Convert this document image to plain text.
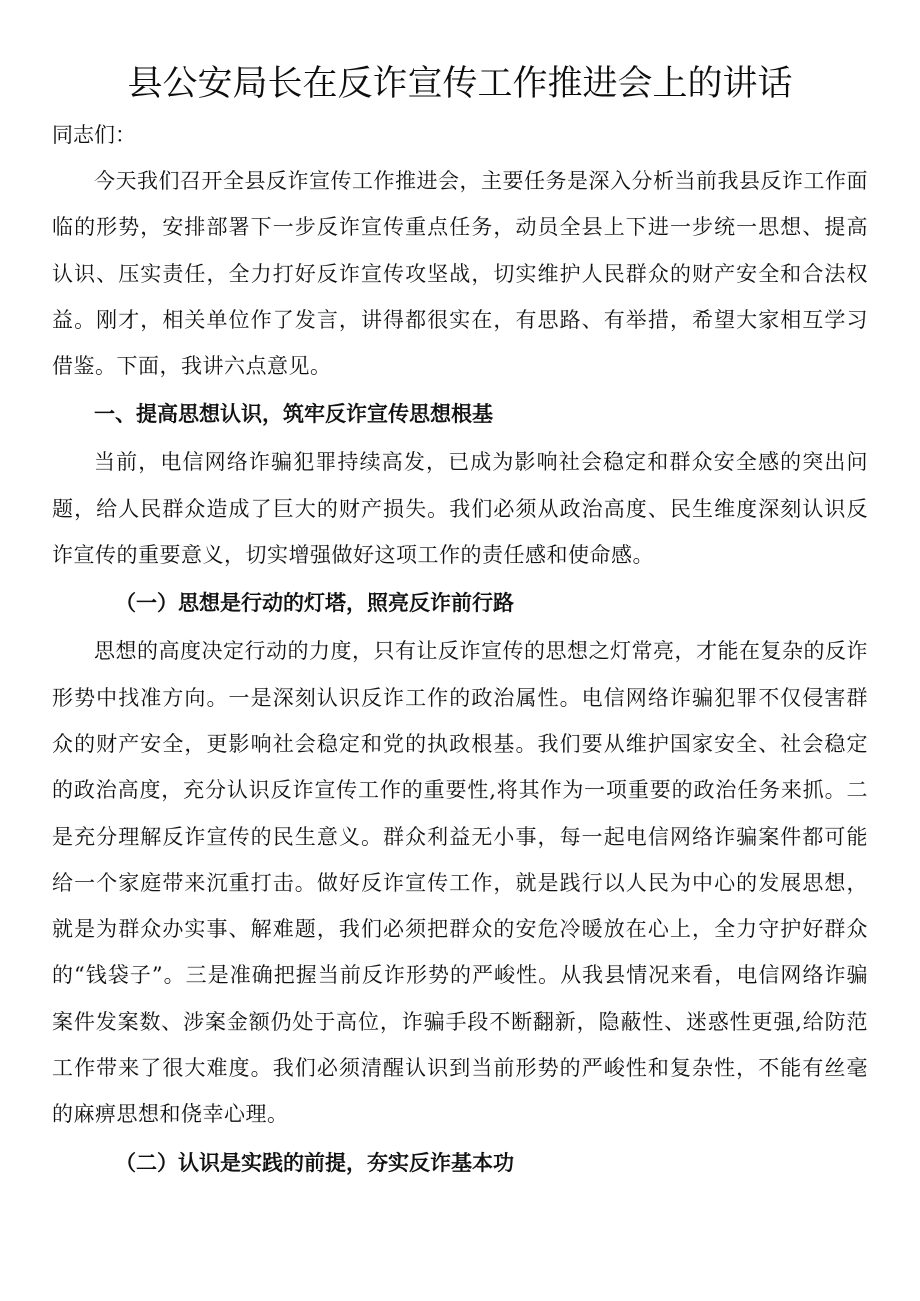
县公安局长在反诈宣传工作推进会上的讲话

同志们：

今天我们召开全县反诈宣传工作推进会，主要任务是深入分析当前我县反诈工作面临的形势，安排部署下一步反诈宣传重点任务，动员全县上下进一步统一思想、提高认识、压实责任，全力打好反诈宣传攻坚战，切实维护人民群众的财产安全和合法权益。刚才，相关单位作了发言，讲得都很实在，有思路、有举措，希望大家相互学习借鉴。下面，我讲六点意见。

一、提高思想认识，筑牢反诈宣传思想根基

当前，电信网络诈骗犯罪持续高发，已成为影响社会稳定和群众安全感的突出问题，给人民群众造成了巨大的财产损失。我们必须从政治高度、民生维度深刻认识反诈宣传的重要意义，切实增强做好这项工作的责任感和使命感。

（一）思想是行动的灯塔，照亮反诈前行路

思想的高度决定行动的力度，只有让反诈宣传的思想之灯常亮，才能在复杂的反诈形势中找准方向。一是深刻认识反诈工作的政治属性。电信网络诈骗犯罪不仅侵害群众的财产安全，更影响社会稳定和党的执政根基。我们要从维护国家安全、社会稳定的政治高度，充分认识反诈宣传工作的重要性,将其作为一项重要的政治任务来抓。二是充分理解反诈宣传的民生意义。群众利益无小事，每一起电信网络诈骗案件都可能给一个家庭带来沉重打击。做好反诈宣传工作，就是践行以人民为中心的发展思想，就是为群众办实事、解难题，我们必须把群众的安危冷暖放在心上，全力守护好群众的“钱袋子”。三是准确把握当前反诈形势的严峻性。从我县情况来看，电信网络诈骗案件发案数、涉案金额仍处于高位，诈骗手段不断翻新，隐蔽性、迷惑性更强,给防范工作带来了很大难度。我们必须清醒认识到当前形势的严峻性和复杂性，不能有丝毫的麻痹思想和侥幸心理。

（二）认识是实践的前提，夯实反诈基本功
